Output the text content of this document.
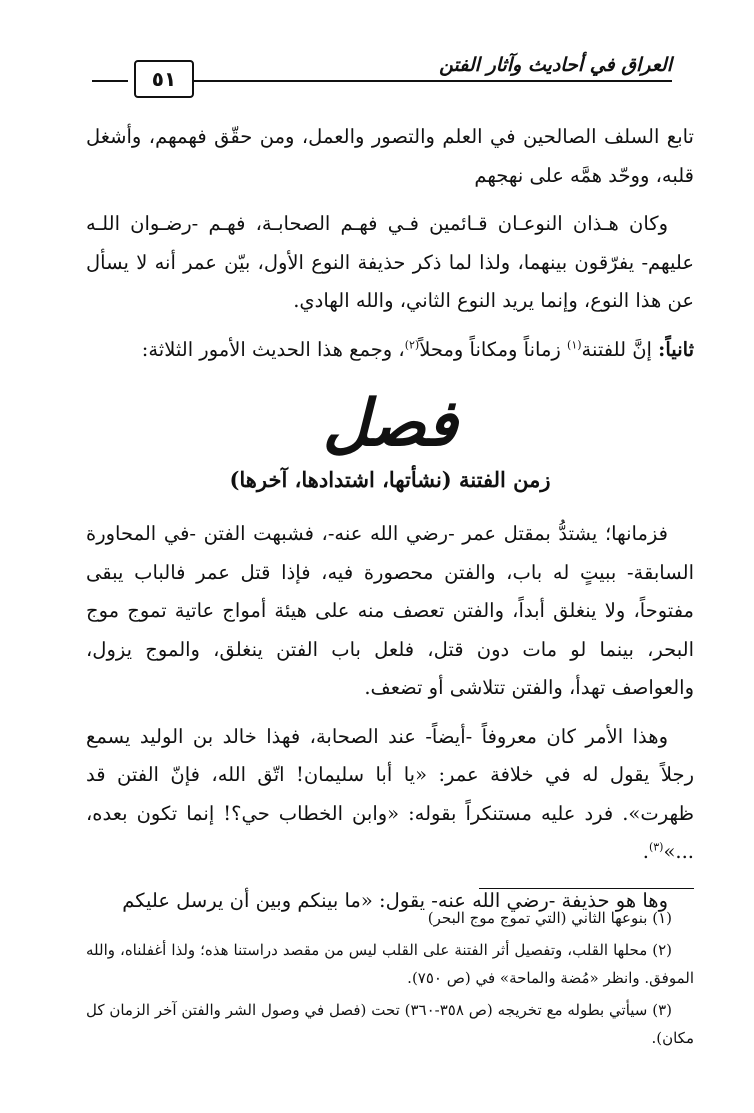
٥١
العراق في أحاديث وآثار الفتن

تابع السلف الصالحين في العلم والتصور والعمل، ومن حقّق فهمهم، وأشغل قلبه، ووحّد همَّه على نهجهم

وكان هـذان النوعـان قـائمين فـي فهـم الصحابـة، فهـم -رضـوان اللـه عليهم- يفرّقون بينهما، ولذا لما ذكر حذيفة النوع الأول، بيّن عمر أنه لا يسأل عن هذا النوع، وإنما يريد النوع الثاني، والله الهادي.

ثانياً: إنَّ للفتنة$^{(١)}$ زماناً ومكاناً ومحلاً$^{(٢)}$، وجمع هذا الحديث الأمور الثلاثة:

فصل
زمن الفتنة (نشأتها، اشتدادها، آخرها)

فزمانها؛ يشتدُّ بمقتل عمر -رضي الله عنه-، فشبهت الفتن -في المحاورة السابقة- ببيتٍ له باب، والفتن محصورة فيه، فإذا قتل عمر فالباب يبقى مفتوحاً، ولا ينغلق أبداً، والفتن تعصف منه على هيئة أمواج عاتية تموج موج البحر، بينما لو مات دون قتل، فلعل باب الفتن ينغلق، والموج يزول، والعواصف تهدأ، والفتن تتلاشى أو تضعف.

وهذا الأمر كان معروفاً -أيضاً- عند الصحابة، فهذا خالد بن الوليد يسمع رجلاً يقول له في خلافة عمر: «يا أبا سليمان! اتّق الله، فإنّ الفتن قد ظهرت». فرد عليه مستنكراً بقوله: «وابن الخطاب حي؟! إنما تكون بعده، ...»$^{(٣)}$.

وها هو حذيفة -رضي الله عنه- يقول: «ما بينكم وبين أن يرسل عليكم

(١) بنوعها الثاني (التي تموج موج البحر)

(٢) محلها القلب، وتفصيل أثر الفتنة على القلب ليس من مقصد دراستنا هذه؛ ولذا أغفلناه، والله الموفق. وانظر «مُضة والماحة» في (ص ٧٥٠).

(٣) سيأتي بطوله مع تخريجه (ص ٣٥٨-٣٦٠) تحت (فصل في وصول الشر والفتن آخر الزمان كل مكان).
